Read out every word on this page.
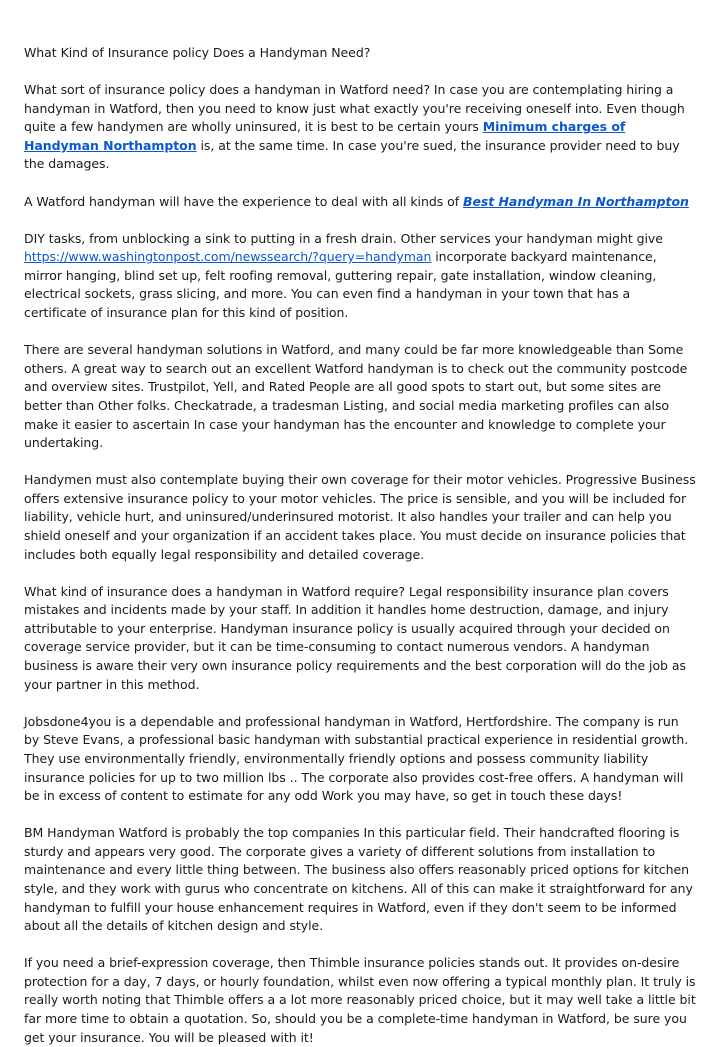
What Kind of Insurance policy Does a Handyman Need?

What sort of insurance policy does a handyman in Watford need? In case you are contemplating hiring a handyman in Watford, then you need to know just what exactly you're receiving oneself into. Even though quite a few handymen are wholly uninsured, it is best to be certain yours Minimum charges of Handyman Northampton is, at the same time. In case you're sued, the insurance provider need to buy the damages.

A Watford handyman will have the experience to deal with all kinds of Best Handyman In Northampton

DIY tasks, from unblocking a sink to putting in a fresh drain. Other services your handyman might give https://www.washingtonpost.com/newssearch/?query=handyman incorporate backyard maintenance, mirror hanging, blind set up, felt roofing removal, guttering repair, gate installation, window cleaning, electrical sockets, grass slicing, and more. You can even find a handyman in your town that has a certificate of insurance plan for this kind of position.

There are several handyman solutions in Watford, and many could be far more knowledgeable than Some others. A great way to search out an excellent Watford handyman is to check out the community postcode and overview sites. Trustpilot, Yell, and Rated People are all good spots to start out, but some sites are better than Other folks. Checkatrade, a tradesman Listing, and social media marketing profiles can also make it easier to ascertain In case your handyman has the encounter and knowledge to complete your undertaking.

Handymen must also contemplate buying their own coverage for their motor vehicles. Progressive Business offers extensive insurance policy to your motor vehicles. The price is sensible, and you will be included for liability, vehicle hurt, and uninsured/underinsured motorist. It also handles your trailer and can help you shield oneself and your organization if an accident takes place. You must decide on insurance policies that includes both equally legal responsibility and detailed coverage.

What kind of insurance does a handyman in Watford require? Legal responsibility insurance plan covers mistakes and incidents made by your staff. In addition it handles home destruction, damage, and injury attributable to your enterprise. Handyman insurance policy is usually acquired through your decided on coverage service provider, but it can be time-consuming to contact numerous vendors. A handyman business is aware their very own insurance policy requirements and the best corporation will do the job as your partner in this method.

Jobsdone4you is a dependable and professional handyman in Watford, Hertfordshire. The company is run by Steve Evans, a professional basic handyman with substantial practical experience in residential growth. They use environmentally friendly, environmentally friendly options and possess community liability insurance policies for up to two million lbs .. The corporate also provides cost-free offers. A handyman will be in excess of content to estimate for any odd Work you may have, so get in touch these days!

BM Handyman Watford is probably the top companies In this particular field. Their handcrafted flooring is sturdy and appears very good. The corporate gives a variety of different solutions from installation to maintenance and every little thing between. The business also offers reasonably priced options for kitchen style, and they work with gurus who concentrate on kitchens. All of this can make it straightforward for any handyman to fulfill your house enhancement requires in Watford, even if they don't seem to be informed about all the details of kitchen design and style.

If you need a brief-expression coverage, then Thimble insurance policies stands out. It provides on-desire protection for a day, 7 days, or hourly foundation, whilst even now offering a typical monthly plan. It truly is really worth noting that Thimble offers a a lot more reasonably priced choice, but it may well take a little bit far more time to obtain a quotation. So, should you be a complete-time handyman in Watford, be sure you get your insurance. You will be pleased with it!
